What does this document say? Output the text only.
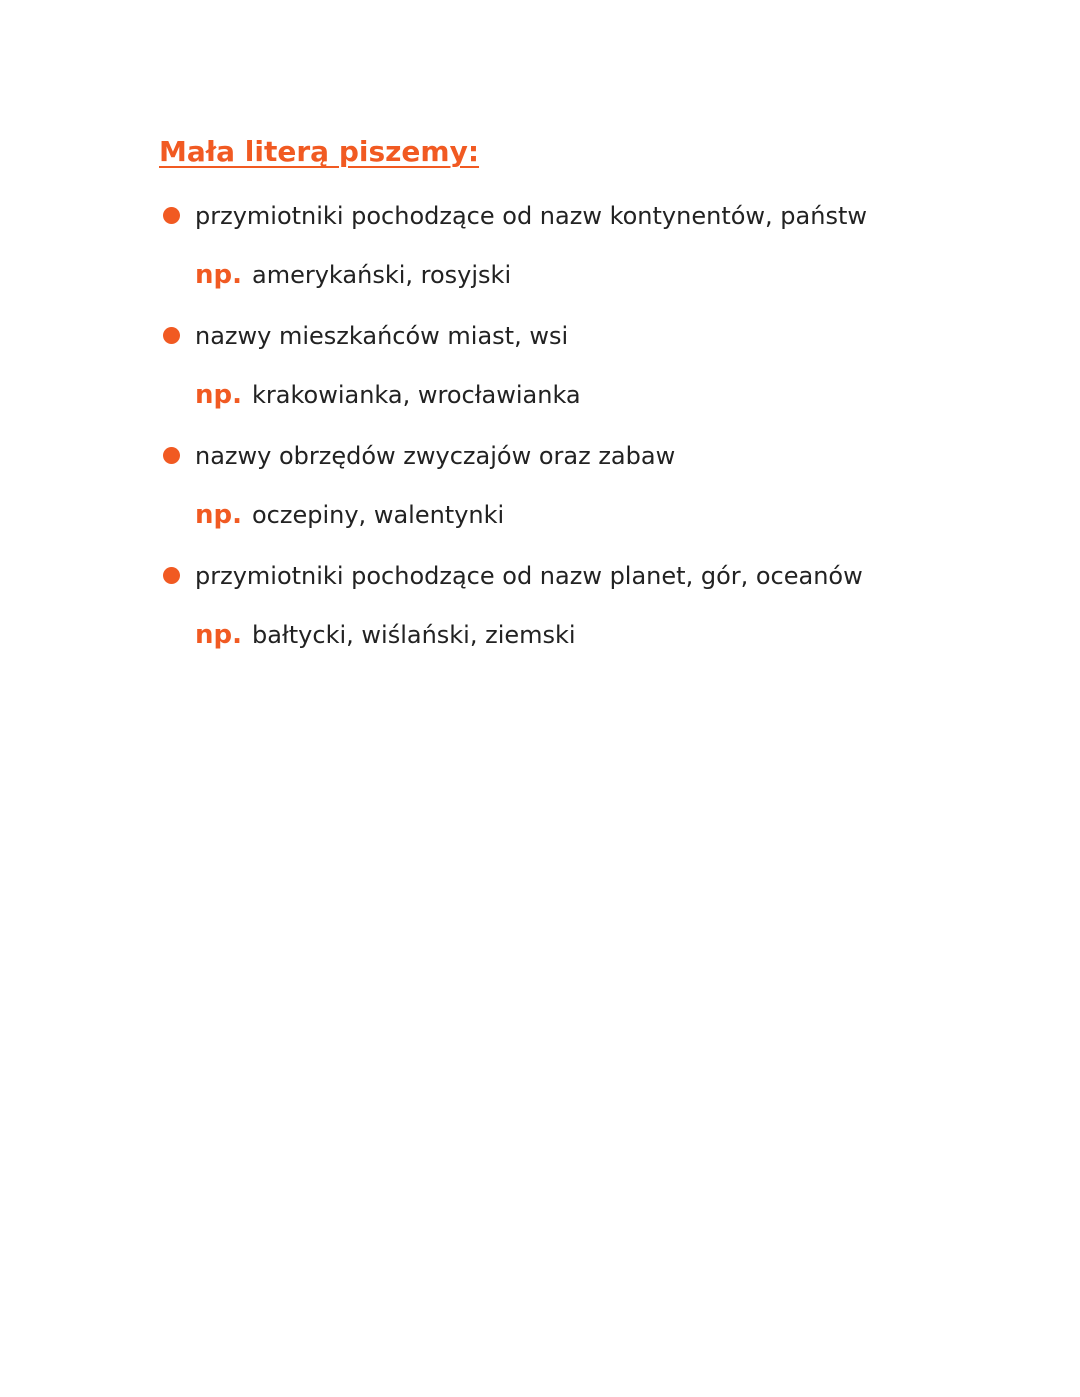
Mała literą piszemy:
przymiotniki pochodzące od nazw kontynentów, państw
np. amerykański, rosyjski
nazwy mieszkańców miast, wsi
np. krakowianka, wrocławianka
nazwy obrzędów zwyczajów oraz zabaw
np. oczepiny, walentynki
przymiotniki pochodzące od nazw planet, gór, oceanów
np. bałtycki, wiślański, ziemski
